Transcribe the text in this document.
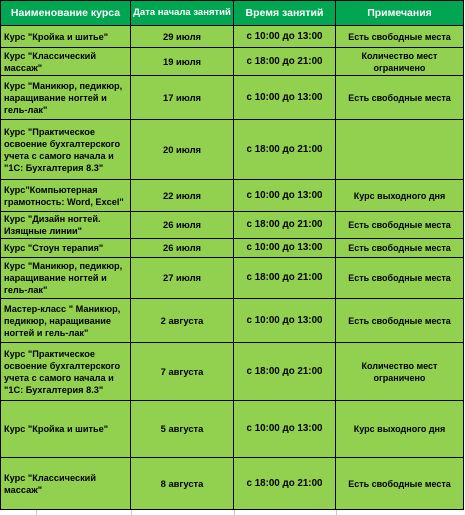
Наименование курса	Дата начала занятий	Время занятий	Примечания
Курс "Кройка и шитье"	29 июля	с 10:00 до 13:00	Есть свободные места
Курс "Классический массаж"	19 июля	с 18:00 до 21:00	Количество мест ограничено
Курс "Маникюр, педикюр, наращивание ногтей и гель-лак"	17 июля	с 10:00 до 13:00	Есть свободные места
Курс "Практическое освоение бухгалтерского учета с самого начала и "1С: Бухгалтерия 8.3"	20 июля	с 18:00 до 21:00	
Курс"Компьютерная грамотность: Word, Excel"	22 июля	с 10:00 до 13:00	Курс выходного дня
Курс "Дизайн ногтей. Изящные линии"	26 июля	с 18:00 до 21:00	Есть свободные места
Курс "Стоун терапия"	26 июля	с 10:00 до 13:00	Есть свободные места
Курс "Маникюр, педикюр, наращивание ногтей и гель-лак"	27 июля	с 18:00 до 21:00	Есть свободные места
Мастер-класс " Маникюр, педикюр, наращивание ногтей и гель-лак"	2 августа	с 10:00 до 13:00	Есть свободные места
Курс "Практическое освоение бухгалтерского учета с самого начала и "1С: Бухгалтерия 8.3"	7 августа	с 18:00 до 21:00	Количество мест ограничено
Курс "Кройка и шитье"	5 августа	с 10:00 до 13:00	Курс выходного дня
Курс "Классический массаж"	8 августа	с 18:00 до 21:00	Есть свободные места
